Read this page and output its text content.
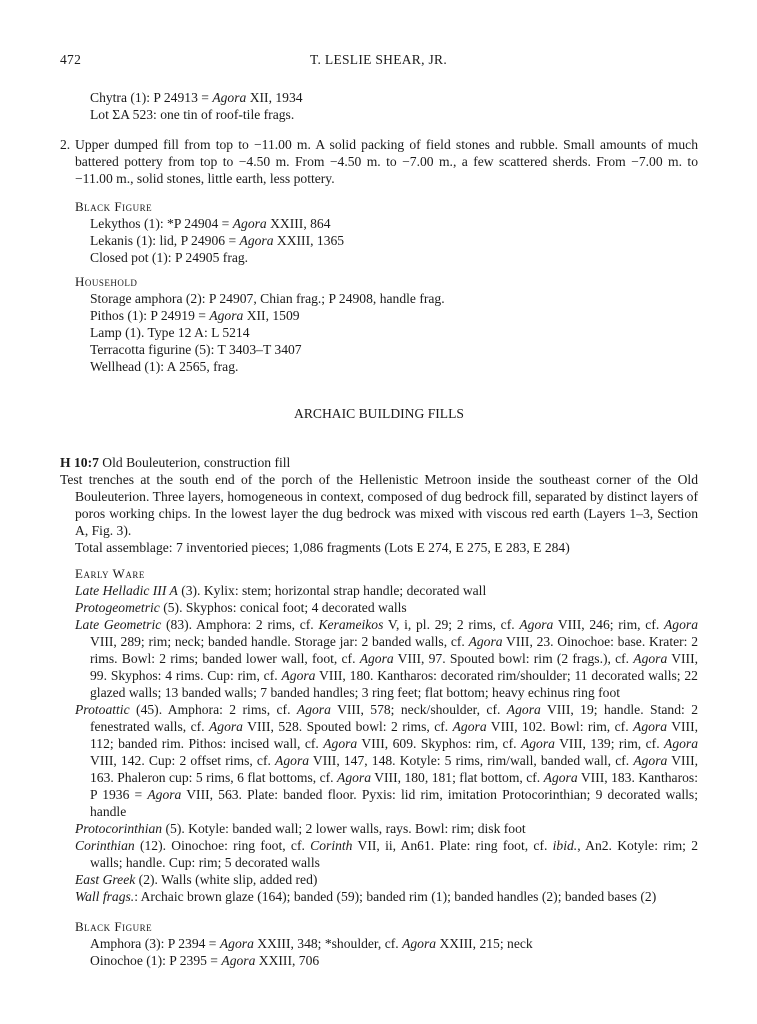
472	T. LESLIE SHEAR, JR.
Chytra (1): P 24913 = Agora XII, 1934
Lot ΣA 523: one tin of roof-tile frags.
2. Upper dumped fill from top to −11.00 m. A solid packing of field stones and rubble. Small amounts of much battered pottery from top to −4.50 m. From −4.50 m. to −7.00 m., a few scattered sherds. From −7.00 m. to −11.00 m., solid stones, little earth, less pottery.
Black Figure
Lekythos (1): *P 24904 = Agora XXIII, 864
Lekanis (1): lid, P 24906 = Agora XXIII, 1365
Closed pot (1): P 24905 frag.
Household
Storage amphora (2): P 24907, Chian frag.; P 24908, handle frag.
Pithos (1): P 24919 = Agora XII, 1509
Lamp (1). Type 12 A: L 5214
Terracotta figurine (5): T 3403–T 3407
Wellhead (1): A 2565, frag.
ARCHAIC BUILDING FILLS
H 10:7 Old Bouleuterion, construction fill
Test trenches at the south end of the porch of the Hellenistic Metroon inside the southeast corner of the Old Bouleuterion. Three layers, homogeneous in context, composed of dug bedrock fill, separated by distinct layers of poros working chips. In the lowest layer the dug bedrock was mixed with viscous red earth (Layers 1–3, Section A, Fig. 3).
Total assemblage: 7 inventoried pieces; 1,086 fragments (Lots E 274, E 275, E 283, E 284)
Early Ware
Late Helladic III A (3). Kylix: stem; horizontal strap handle; decorated wall
Protogeometric (5). Skyphos: conical foot; 4 decorated walls
Late Geometric (83). Amphora: 2 rims, cf. Kerameikos V, i, pl. 29; 2 rims, cf. Agora VIII, 246; rim, cf. Agora VIII, 289; rim; neck; banded handle. Storage jar: 2 banded walls, cf. Agora VIII, 23. Oinochoe: base. Krater: 2 rims. Bowl: 2 rims; banded lower wall, foot, cf. Agora VIII, 97. Spouted bowl: rim (2 frags.), cf. Agora VIII, 99. Skyphos: 4 rims. Cup: rim, cf. Agora VIII, 180. Kantharos: decorated rim/shoulder; 11 decorated walls; 22 glazed walls; 13 banded walls; 7 banded handles; 3 ring feet; flat bottom; heavy echinus ring foot
Protoattic (45). Amphora: 2 rims, cf. Agora VIII, 578; neck/shoulder, cf. Agora VIII, 19; handle. Stand: 2 fenestrated walls, cf. Agora VIII, 528. Spouted bowl: 2 rims, cf. Agora VIII, 102. Bowl: rim, cf. Agora VIII, 112; banded rim. Pithos: incised wall, cf. Agora VIII, 609. Skyphos: rim, cf. Agora VIII, 139; rim, cf. Agora VIII, 142. Cup: 2 offset rims, cf. Agora VIII, 147, 148. Kotyle: 5 rims, rim/wall, banded wall, cf. Agora VIII, 163. Phaleron cup: 5 rims, 6 flat bottoms, cf. Agora VIII, 180, 181; flat bottom, cf. Agora VIII, 183. Kantharos: P 1936 = Agora VIII, 563. Plate: banded floor. Pyxis: lid rim, imitation Protocorinthian; 9 decorated walls; handle
Protocorinthian (5). Kotyle: banded wall; 2 lower walls, rays. Bowl: rim; disk foot
Corinthian (12). Oinochoe: ring foot, cf. Corinth VII, ii, An61. Plate: ring foot, cf. ibid., An2. Kotyle: rim; 2 walls; handle. Cup: rim; 5 decorated walls
East Greek (2). Walls (white slip, added red)
Wall frags.: Archaic brown glaze (164); banded (59); banded rim (1); banded handles (2); banded bases (2)
Black Figure
Amphora (3): P 2394 = Agora XXIII, 348; *shoulder, cf. Agora XXIII, 215; neck
Oinochoe (1): P 2395 = Agora XXIII, 706
